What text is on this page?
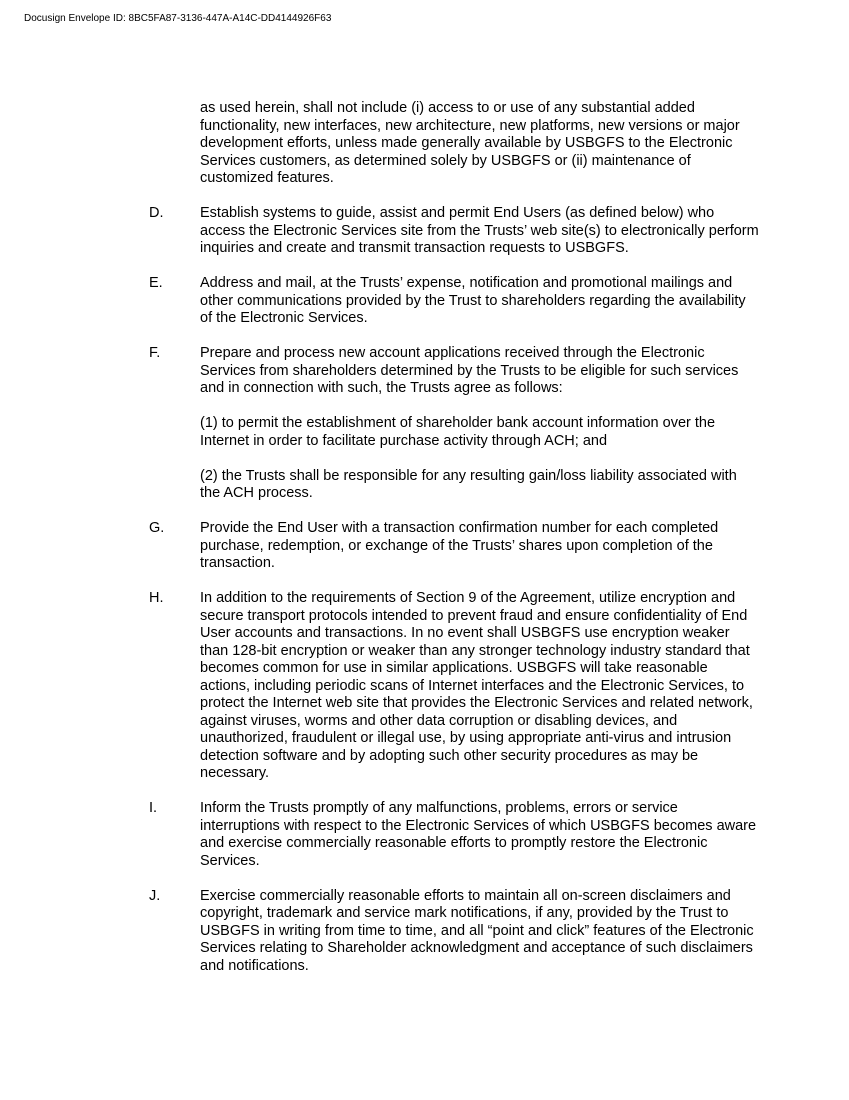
Docusign Envelope ID: 8BC5FA87-3136-447A-A14C-DD4144926F63

as used herein, shall not include (i) access to or use of any substantial added functionality, new interfaces, new architecture, new platforms, new versions or major development efforts, unless made generally available by USBGFS to the Electronic Services customers, as determined solely by USBGFS or (ii) maintenance of customized features.

D.	Establish systems to guide, assist and permit End Users (as defined below) who access the Electronic Services site from the Trusts’ web site(s) to electronically perform inquiries and create and transmit transaction requests to USBGFS.
E.	Address and mail, at the Trusts’ expense, notification and promotional mailings and other communications provided by the Trust to shareholders regarding the availability of the Electronic Services.
F.	Prepare and process new account applications received through the Electronic Services from shareholders determined by the Trusts to be eligible for such services and in connection with such, the Trusts agree as follows:

(1) to permit the establishment of shareholder bank account information over the Internet in order to facilitate purchase activity through ACH; and

(2) the Trusts shall be responsible for any resulting gain/loss liability associated with the ACH process.

G. Provide the End User with a transaction confirmation number for each completed purchase, redemption, or exchange of the Trusts’ shares upon completion of the transaction.
H.	In addition to the requirements of Section 9 of the Agreement, utilize encryption and secure transport protocols intended to prevent fraud and ensure confidentiality of End User accounts and transactions. In no event shall USBGFS use encryption weaker than 128-bit encryption or weaker than any stronger technology industry standard that becomes common for use in similar applications. USBGFS will take reasonable actions, including periodic scans of Internet interfaces and the Electronic Services, to protect the Internet web site that provides the Electronic Services and related network, against viruses, worms and other data corruption or disabling devices, and unauthorized, fraudulent or illegal use, by using appropriate anti-virus and intrusion detection software and by adopting such other security procedures as may be necessary.
I.	Inform the Trusts promptly of any malfunctions, problems, errors or service interruptions with respect to the Electronic Services of which USBGFS becomes aware and exercise commercially reasonable efforts to promptly restore the Electronic Services.
J.	Exercise commercially reasonable efforts to maintain all on-screen disclaimers and copyright, trademark and service mark notifications, if any, provided by the Trust to USBGFS in writing from time to time, and all “point and click” features of the Electronic Services relating to Shareholder acknowledgment and acceptance of such disclaimers and notifications.
